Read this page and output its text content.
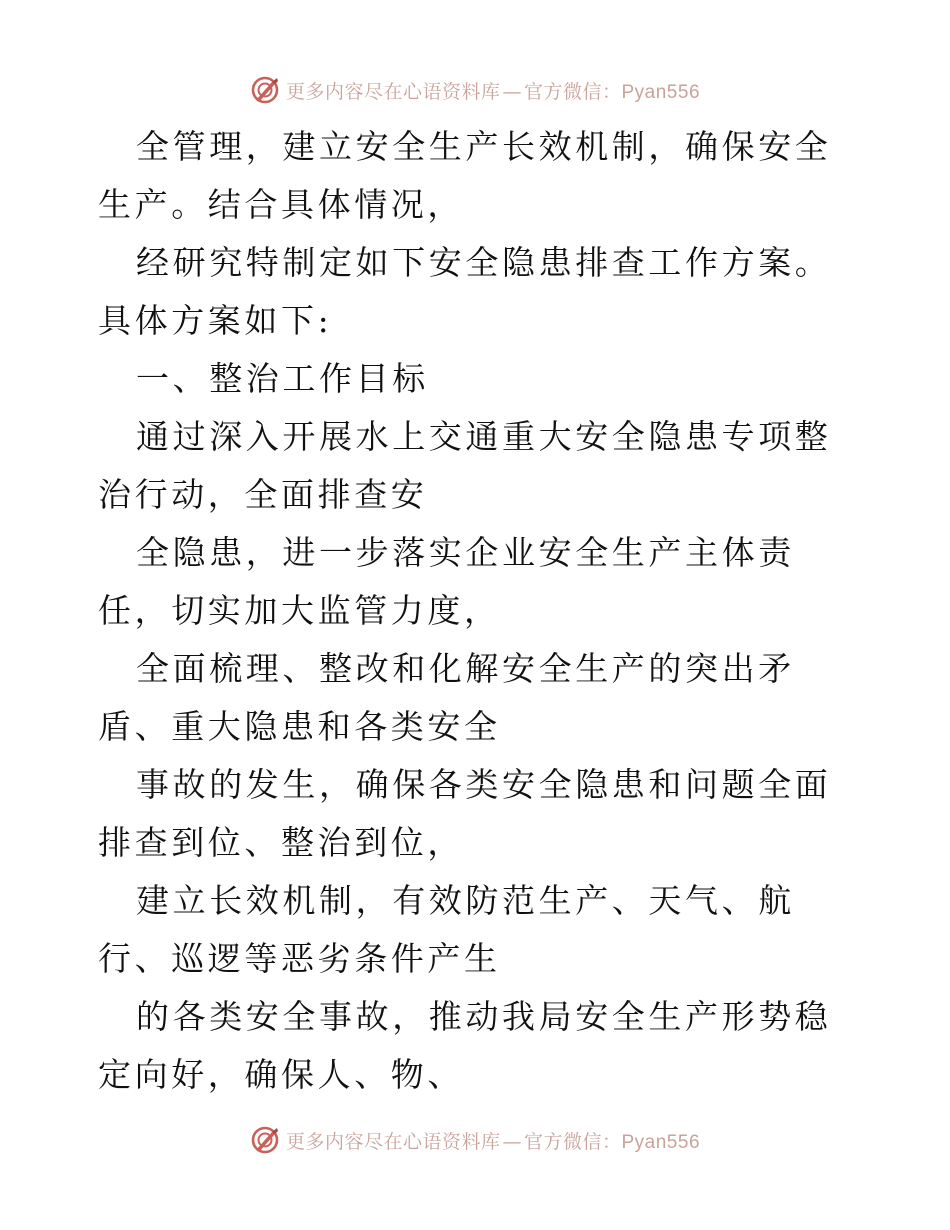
更多内容尽在心语资料库 — 官方微信：Pyan556

全管理，建立安全生产长效机制，确保安全生产。结合具体情况，

经研究特制定如下安全隐患排查工作方案。具体方案如下:

一、整治工作目标

通过深入开展水上交通重大安全隐患专项整治行动，全面排查安

全隐患，进一步落实企业安全生产主体责任，切实加大监管力度，

全面梳理、整改和化解安全生产的突出矛盾、重大隐患和各类安全

事故的发生，确保各类安全隐患和问题全面排查到位、整治到位，

建立长效机制，有效防范生产、天气、航行、巡逻等恶劣条件产生

的各类安全事故，推动我局安全生产形势稳定向好，确保人、物、

更多内容尽在心语资料库 — 官方微信：Pyan556
